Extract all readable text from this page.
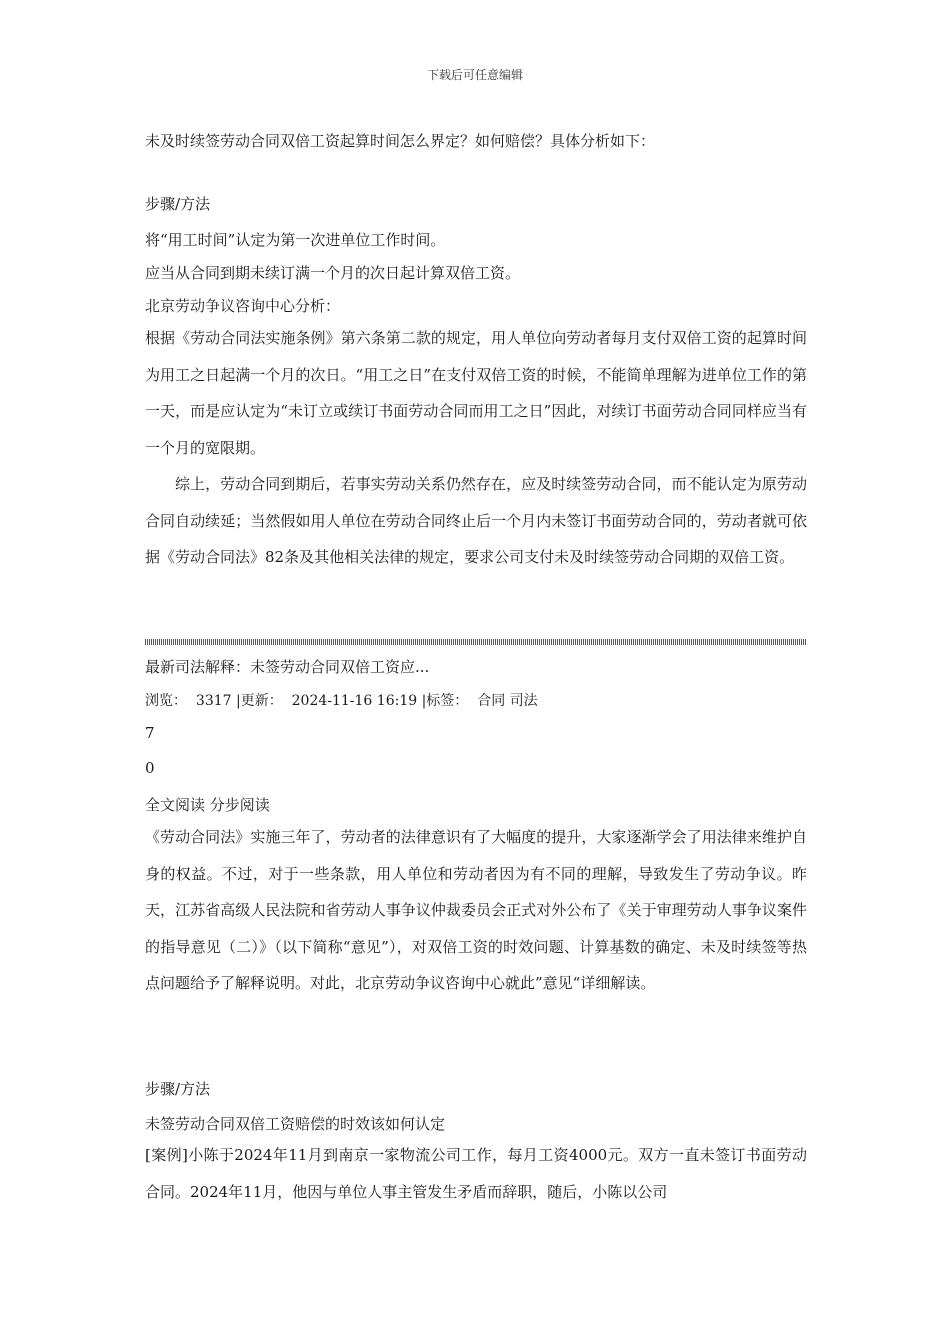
下载后可任意编辑
未及时续签劳动合同双倍工资起算时间怎么界定？如何赔偿？具体分析如下：
步骤/方法
将“用工时间”认定为第一次进单位工作时间。
应当从合同到期未续订满一个月的次日起计算双倍工资。
北京劳动争议咨询中心分析：
根据《劳动合同法实施条例》第六条第二款的规定，用人单位向劳动者每月支付双倍工资的起算时间为用工之日起满一个月的次日。“用工之日”在支付双倍工资的时候，不能简单理解为进单位工作的第一天，而是应认定为“未订立或续订书面劳动合同而用工之日”因此，对续订书面劳动合同同样应当有一个月的宽限期。
综上，劳动合同到期后，若事实劳动关系仍然存在，应及时续签劳动合同，而不能认定为原劳动合同自动续延；当然假如用人单位在劳动合同终止后一个月内未签订书面劳动合同的，劳动者就可依据《劳动合同法》82条及其他相关法律的规定，要求公司支付未及时续签劳动合同期的双倍工资。
最新司法解释：未签劳动合同双倍工资应...
浏览： 3317 |更新： 2024-11-16 16:19 |标签： 合同 司法
7
0
全文阅读 分步阅读
《劳动合同法》实施三年了，劳动者的法律意识有了大幅度的提升，大家逐渐学会了用法律来维护自身的权益。不过，对于一些条款，用人单位和劳动者因为有不同的理解，导致发生了劳动争议。昨天，江苏省高级人民法院和省劳动人事争议仲裁委员会正式对外公布了《关于审理劳动人事争议案件的指导意见（二）》（以下简称“意见”），对双倍工资的时效问题、计算基数的确定、未及时续签等热点问题给予了解释说明。对此，北京劳动争议咨询中心就此”意见“详细解读。
步骤/方法
未签劳动合同双倍工资赔偿的时效该如何认定
[案例]小陈于2024年11月到南京一家物流公司工作，每月工资4000元。双方一直未签订书面劳动合同。2024年11月，他因与单位人事主管发生矛盾而辞职，随后，小陈以公司
